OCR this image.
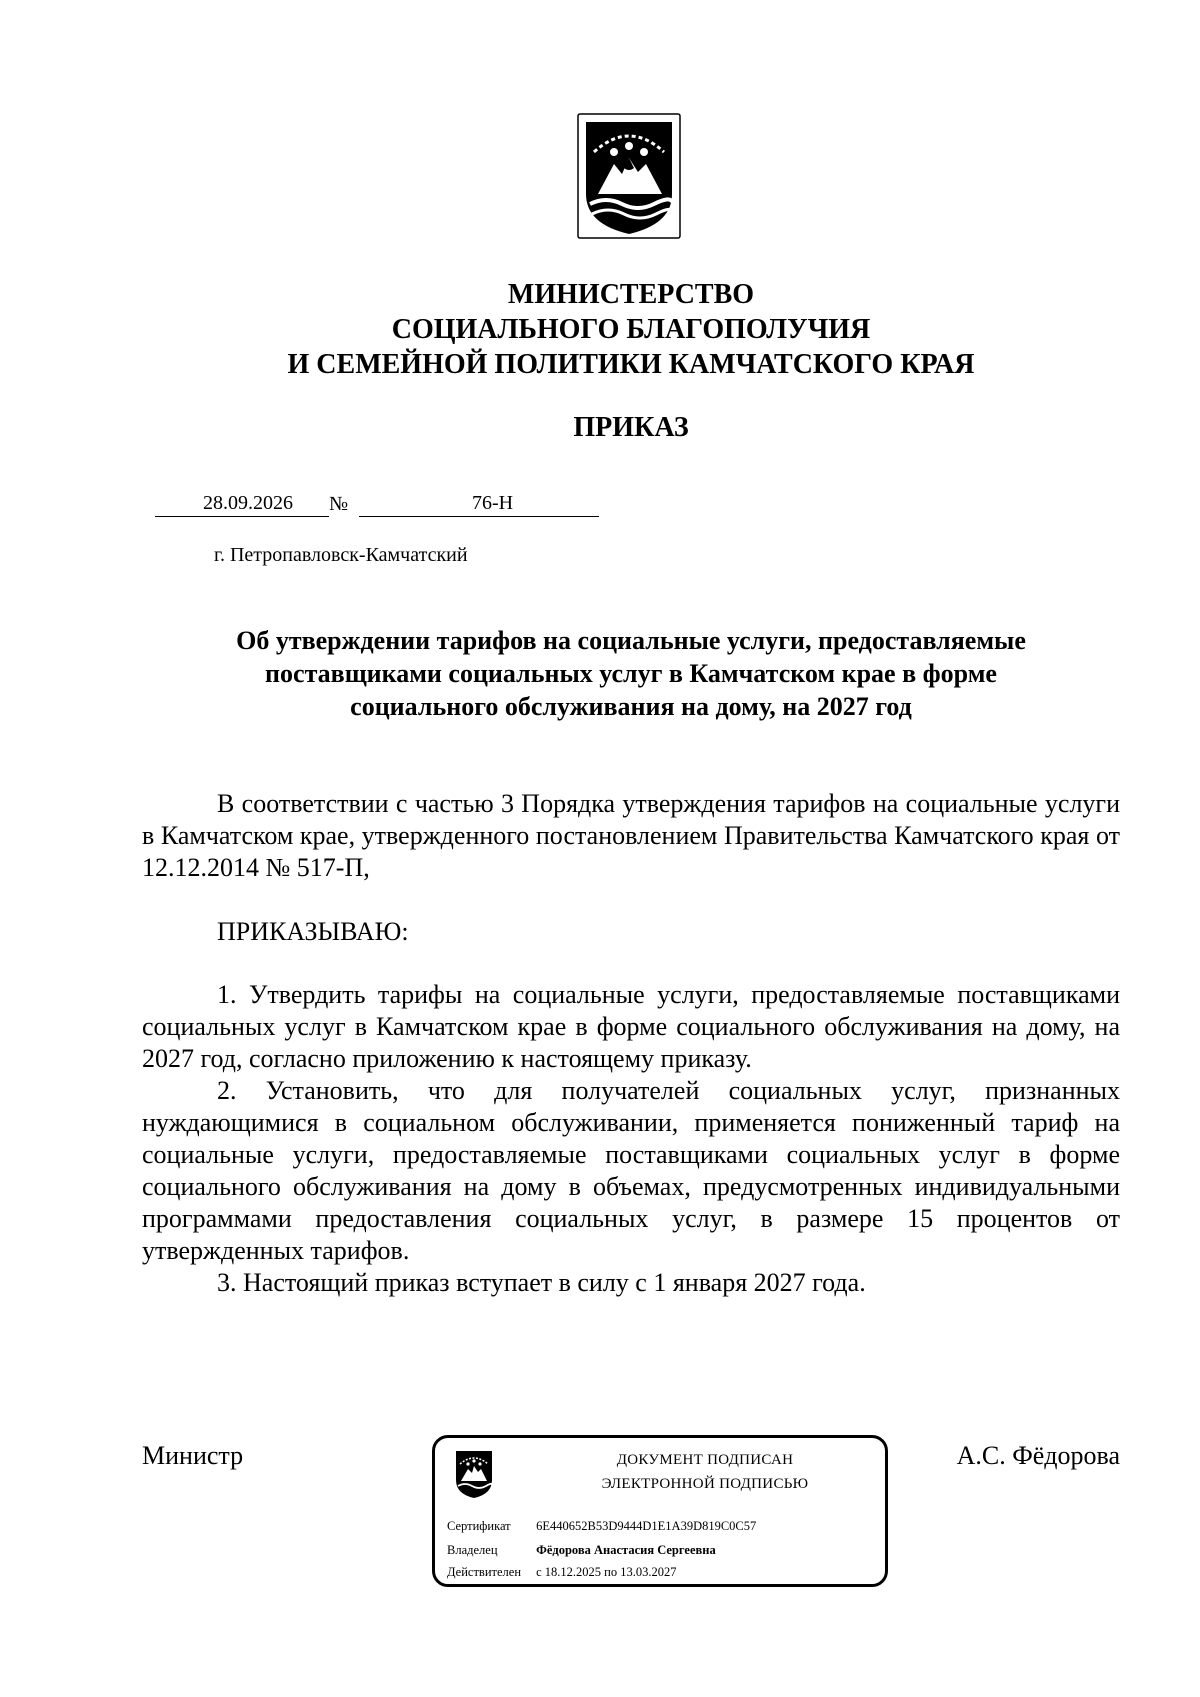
МИНИСТЕРСТВО
СОЦИАЛЬНОГО БЛАГОПОЛУЧИЯ
И СЕМЕЙНОЙ ПОЛИТИКИ КАМЧАТСКОГО КРАЯ
ПРИКАЗ
28.09.2026	№	76-Н
г. Петропавловск-Камчатский
Об утверждении тарифов на социальные услуги, предоставляемые
поставщиками социальных услуг в Камчатском крае в форме
социального обслуживания на дому, на 2027 год

В соответствии с частью 3 Порядка утверждения тарифов на социальные услуги в Камчатском крае, утвержденного постановлением Правительства Камчатского края от 12.12.2014 № 517-П,

ПРИКАЗЫВАЮ:

1. Утвердить тарифы на социальные услуги, предоставляемые поставщиками социальных услуг в Камчатском крае в форме социального обслуживания на дому, на 2027 год, согласно приложению к настоящему приказу.

2. Установить, что для получателей социальных услуг, признанных нуждающимися в социальном обслуживании, применяется пониженный тариф на социальные услуги, предоставляемые поставщиками социальных услуг в форме социального обслуживания на дому в объемах, предусмотренных индивидуальными программами предоставления социальных услуг, в размере 15 процентов от утвержденных тарифов.

3. Настоящий приказ вступает в силу с 1 января 2027 года.

Министр	А.С. Фёдорова
ДОКУМЕНТ ПОДПИСАН
ЭЛЕКТРОННОЙ ПОДПИСЬЮ
Сертификат 6E440652B53D9444D1E1A39D819C0C57
Владелец	Фёдорова Анастасия Сергеевна
Действителен с 18.12.2025 по 13.03.2027
